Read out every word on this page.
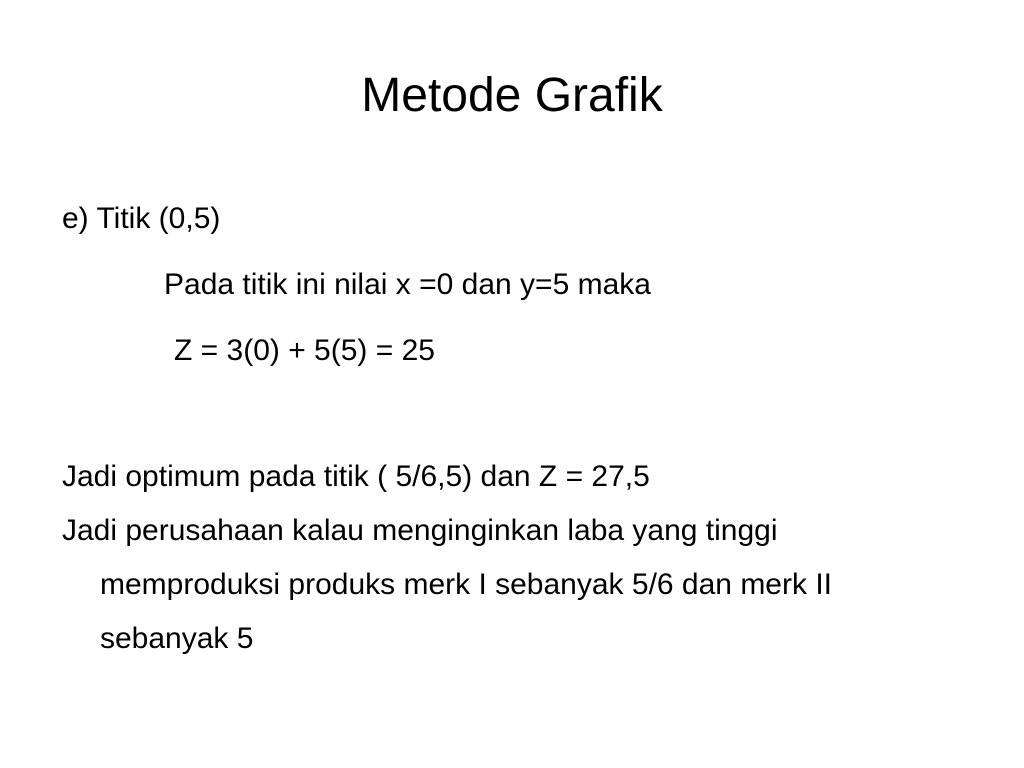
Metode Grafik
e) Titik (0,5)
Pada titik ini nilai x =0 dan y=5 maka
Z = 3(0) + 5(5) = 25
Jadi optimum pada titik ( 5/6,5) dan Z = 27,5
Jadi perusahaan kalau menginginkan laba yang tinggi memproduksi produks merk I sebanyak 5/6 dan merk II sebanyak 5
